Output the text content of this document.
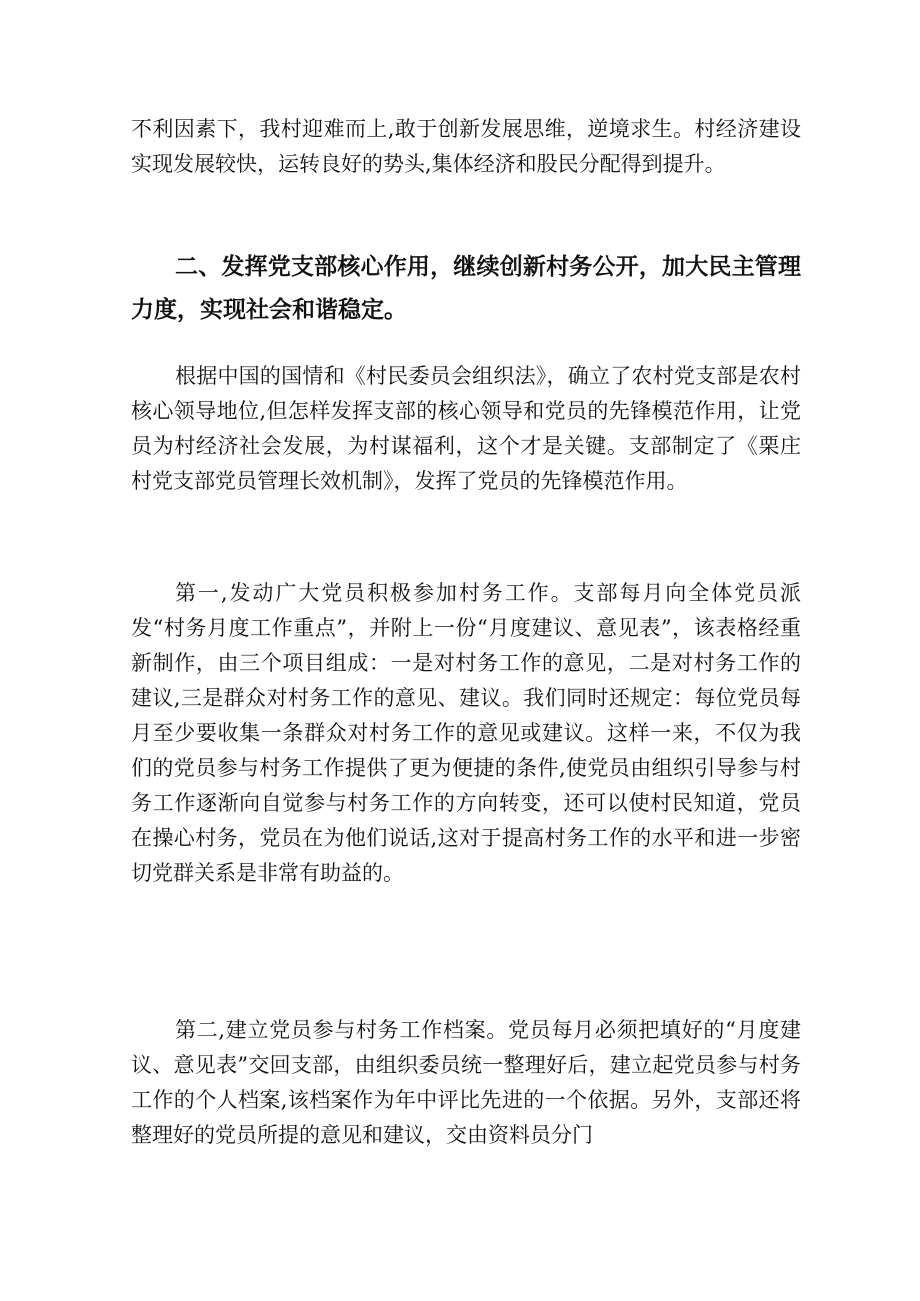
不利因素下，我村迎难而上,敢于创新发展思维，逆境求生。村经济建设实现发展较快，运转良好的势头,集体经济和股民分配得到提升。

二、发挥党支部核心作用，继续创新村务公开，加大民主管理力度，实现社会和谐稳定。

根据中国的国情和《村民委员会组织法》，确立了农村党支部是农村核心领导地位,但怎样发挥支部的核心领导和党员的先锋模范作用，让党员为村经济社会发展，为村谋福利，这个才是关键。支部制定了《栗庄村党支部党员管理长效机制》，发挥了党员的先锋模范作用。

第一,发动广大党员积极参加村务工作。支部每月向全体党员派发“村务月度工作重点”，并附上一份“月度建议、意见表”，该表格经重新制作，由三个项目组成：一是对村务工作的意见，二是对村务工作的建议,三是群众对村务工作的意见、建议。我们同时还规定：每位党员每月至少要收集一条群众对村务工作的意见或建议。这样一来，不仅为我们的党员参与村务工作提供了更为便捷的条件,使党员由组织引导参与村务工作逐渐向自觉参与村务工作的方向转变，还可以使村民知道，党员在操心村务，党员在为他们说话,这对于提高村务工作的水平和进一步密切党群关系是非常有助益的。

第二,建立党员参与村务工作档案。党员每月必须把填好的“月度建议、意见表”交回支部，由组织委员统一整理好后，建立起党员参与村务工作的个人档案,该档案作为年中评比先进的一个依据。另外，支部还将整理好的党员所提的意见和建议，交由资料员分门
